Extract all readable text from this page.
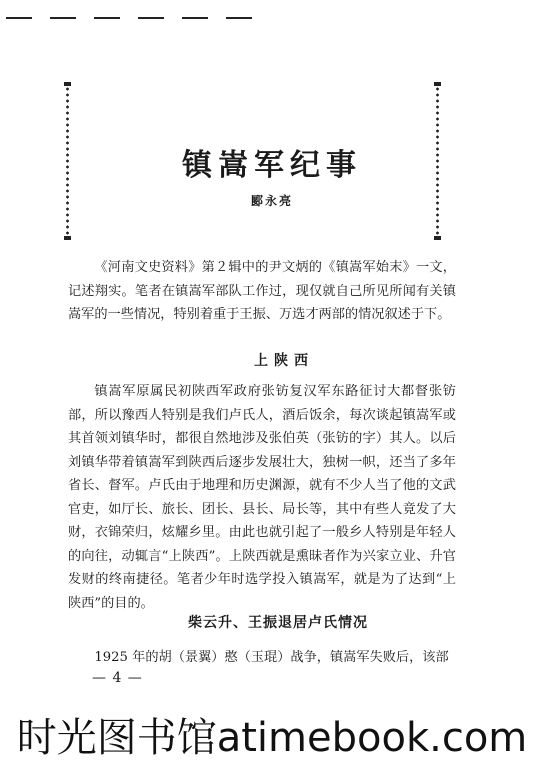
镇嵩军纪事
郾永亮

《河南文史资料》第２辑中的尹文炳的《镇嵩军始末》一文，记述翔实。笔者在镇嵩军部队工作过，现仅就自己所见所闻有关镇嵩军的一些情况，特别着重于王振、万选才两部的情况叙述于下。

上陕西

镇嵩军原属民初陕西军政府张钫复汉军东路征讨大都督张钫部，所以豫西人特别是我们卢氏人，酒后饭余，每次谈起镇嵩军或其首领刘镇华时，都很自然地涉及张伯英（张钫的字）其人。以后刘镇华带着镇嵩军到陕西后逐步发展壮大，独树一帜，还当了多年省长、督军。卢氏由于地理和历史渊源，就有不少人当了他的文武官吏，如厅长、旅长、团长、县长、局长等，其中有些人竟发了大财，衣锦荣归，炫耀乡里。由此也就引起了一般乡人特别是年轻人的向往，动辄言“上陕西”。上陕西就是熏昧者作为兴家立业、升官发财的终南捷径。笔者少年时选学投入镇嵩军，就是为了达到“上陕西”的目的。

柴云升、王振退居卢氏情况

1925 年的胡（景翼）憨（玉琨）战争，镇嵩军失败后，该部

— 4 —
时光图书馆atimebook.com
